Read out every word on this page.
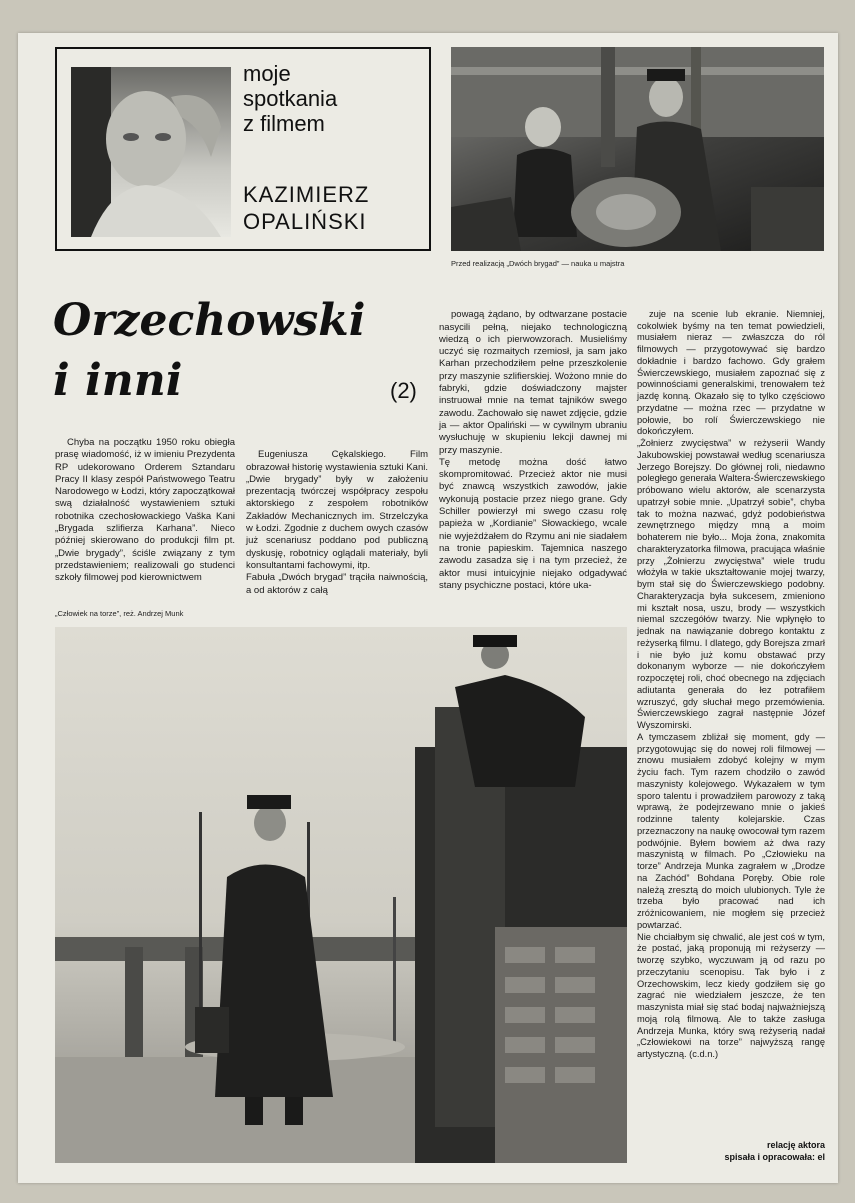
moje
spotkania
z filmem
KAZIMIERZ
OPALIŃSKI
Przed realizacją „Dwóch brygad” — nauka u majstra
Orzechowski
i inni	(2)

Chyba na początku 1950 roku obiegła prasę wiadomość, iż w imieniu Prezydenta RP udekorowano Orderem Sztandaru Pracy II klasy zespół Państwowego Teatru Narodowego w Łodzi, który zapoczątkował swą działalność wystawieniem sztuki robotnika czechosłowackiego Vaška Kani „Brygada szlifierza Karhana”. Nieco później skierowano do produkcji film pt. „Dwie brygady”, ściśle związany z tym przedstawieniem; realizowali go studenci szkoły filmowej pod kierownictwem

Eugeniusza Cękalskiego. Film obrazował historię wystawienia sztuki Kani. „Dwie brygady” były w założeniu prezentacją twórczej współpracy zespołu aktorskiego z zespołem robotników Zakładów Mechanicznych im. Strzelczyka w Łodzi. Zgodnie z duchem owych czasów już scenariusz poddano pod publiczną dyskusję, robotnicy oglądali materiały, byli konsultantami fachowymi, itp.
Fabuła „Dwóch brygad” trąciła naiwnością, a od aktorów z całą

powagą żądano, by odtwarzane postacie nasycili pełną, niejako technologiczną wiedzą o ich pierwowzorach. Musieliśmy uczyć się rozmaitych rzemiosł, ja sam jako Karhan przechodziłem pełne przeszkolenie przy maszynie szlifierskiej. Wożono mnie do fabryki, gdzie doświadczony majster instruował mnie na temat tajników swego zawodu. Zachowało się nawet zdjęcie, gdzie ja — aktor Opaliński — w cywilnym ubraniu wysłuchuję w skupieniu lekcji dawnej mi przy maszynie.
Tę metodę można dość łatwo skompromitować. Przecież aktor nie musi być znawcą wszystkich zawodów, jakie wykonują postacie przez niego grane. Gdy Schiller powierzył mi swego czasu rolę papieża w „Kordianie” Słowackiego, wcale nie wyjeżdżałem do Rzymu ani nie siadałem na tronie papieskim. Tajemnica naszego zawodu zasadza się i na tym przecież, że aktor musi intuicyjnie niejako odgadywać stany psychiczne postaci, które uka-

zuje na scenie lub ekranie. Niemniej, cokolwiek byśmy na ten temat powiedzieli, musiałem nieraz — zwłaszcza do ról filmowych — przygotowywać się bardzo dokładnie i bardzo fachowo. Gdy grałem Świerczewskiego, musiałem zapoznać się z powinnościami generalskimi, trenowałem też jazdę konną. Okazało się to tylko częściowo przydatne — można rzec — przydatne w połowie, bo rolí Świerczewskiego nie dokończyłem.
„Żołnierz zwycięstwa” w reżyserii Wandy Jakubowskiej powstawał według scenariusza Jerzego Borejszy. Do głównej roli, niedawno poległego generała Waltera-Świerczewskiego próbowano wielu aktorów, ale scenarzysta upatrzył sobie mnie. „Upatrzył sobie”, chyba tak to można nazwać, gdyż podobieństwa zewnętrznego między mną a moim bohaterem nie było... Moja żona, znakomita charakteryzatorka filmowa, pracująca właśnie przy „Żołnierzu zwycięstwa” wiele trudu włożyła w takie ukształtowanie mojej twarzy, bym stał się do Świerczewskiego podobny. Charakteryzacja była sukcesem, zmieniono mi kształt nosa, uszu, brody — wszystkich niemal szczegółów twarzy. Nie wpłynęło to jednak na nawiązanie dobrego kontaktu z reżyserką filmu. I dlatego, gdy Borejsza zmarł i nie było już komu obstawać przy dokonanym wyborze — nie dokończyłem rozpoczętej roli, choć obecnego na zdjęciach adiutanta generała do łez potrafiłem wzruszyć, gdy słuchał mego przemówienia. Świerczewskiego zagrał następnie Józef Wyszomirski.
A tymczasem zbliżał się moment, gdy — przygotowując się do nowej roli filmowej — znowu musiałem zdobyć kolejny w mym życiu fach. Tym razem chodziło o zawód maszynisty kolejowego. Wykazałem w tym sporo talentu i prowadziłem parowozy z taką wprawą, że podejrzewano mnie o jakieś rodzinne talenty kolejarskie. Czas przeznaczony na naukę owocował tym razem podwójnie. Byłem bowiem aż dwa razy maszynistą w filmach. Po „Człowieku na torze” Andrzeja Munka zagrałem w „Drodze na Zachód” Bohdana Poręby. Obie role należą zresztą do moich ulubionych. Tyle że trzeba było pracować nad ich zróżnicowaniem, nie mogłem się przecież powtarzać.
Nie chciałbym się chwalić, ale jest coś w tym, że postać, jaką proponują mi reżyserzy — tworzę szybko, wyczuwam ją od razu po przeczytaniu scenopisu. Tak było i z Orzechowskim, lecz kiedy godziłem się go zagrać nie wiedziałem jeszcze, że ten maszynista miał się stać bodaj najważniejszą moją rolą filmową. Ale to także zasługa Andrzeja Munka, który swą reżyserią nadał „Człowiekowi na torze” najwyższą rangę artystyczną. (c.d.n.)

„Człowiek na torze”, reż. Andrzej Munk
relację aktora
spisała i opracowała: el
